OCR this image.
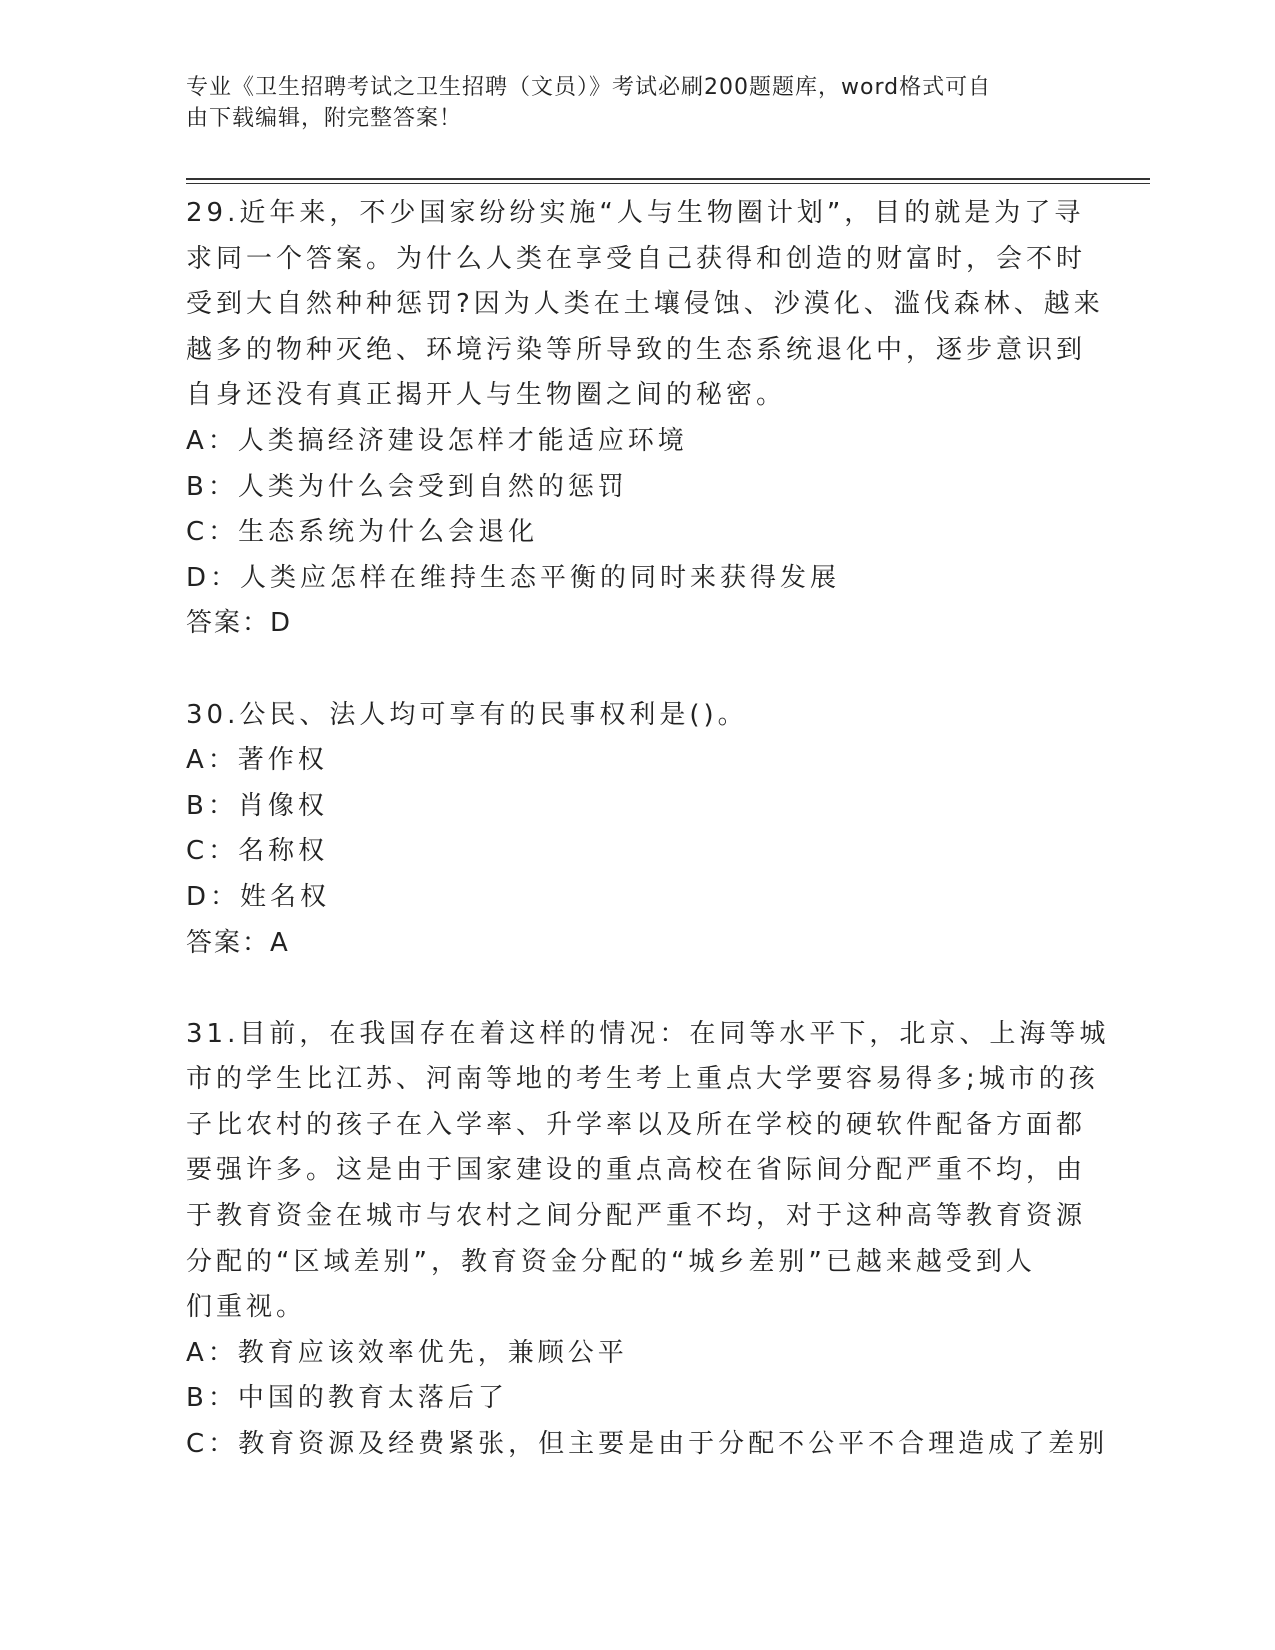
专业《卫生招聘考试之卫生招聘（文员）》考试必刷200题题库，word格式可自
由下载编辑，附完整答案！
29.近年来，不少国家纷纷实施“人与生物圈计划”，目的就是为了寻
求同一个答案。为什么人类在享受自己获得和创造的财富时，会不时
受到大自然种种惩罚?因为人类在土壤侵蚀、沙漠化、滥伐森林、越来
越多的物种灭绝、环境污染等所导致的生态系统退化中，逐步意识到
自身还没有真正揭开人与生物圈之间的秘密。
A：人类搞经济建设怎样才能适应环境
B：人类为什么会受到自然的惩罚
C：生态系统为什么会退化
D：人类应怎样在维持生态平衡的同时来获得发展
答案：D
30.公民、法人均可享有的民事权利是()。
A：著作权
B：肖像权
C：名称权
D：姓名权
答案：A
31.目前，在我国存在着这样的情况：在同等水平下，北京、上海等城
市的学生比江苏、河南等地的考生考上重点大学要容易得多;城市的孩
子比农村的孩子在入学率、升学率以及所在学校的硬软件配备方面都
要强许多。这是由于国家建设的重点高校在省际间分配严重不均，由
于教育资金在城市与农村之间分配严重不均，对于这种高等教育资源
分配的“区域差别”，教育资金分配的“城乡差别”已越来越受到人
们重视。
A：教育应该效率优先，兼顾公平
B：中国的教育太落后了
C：教育资源及经费紧张，但主要是由于分配不公平不合理造成了差别
